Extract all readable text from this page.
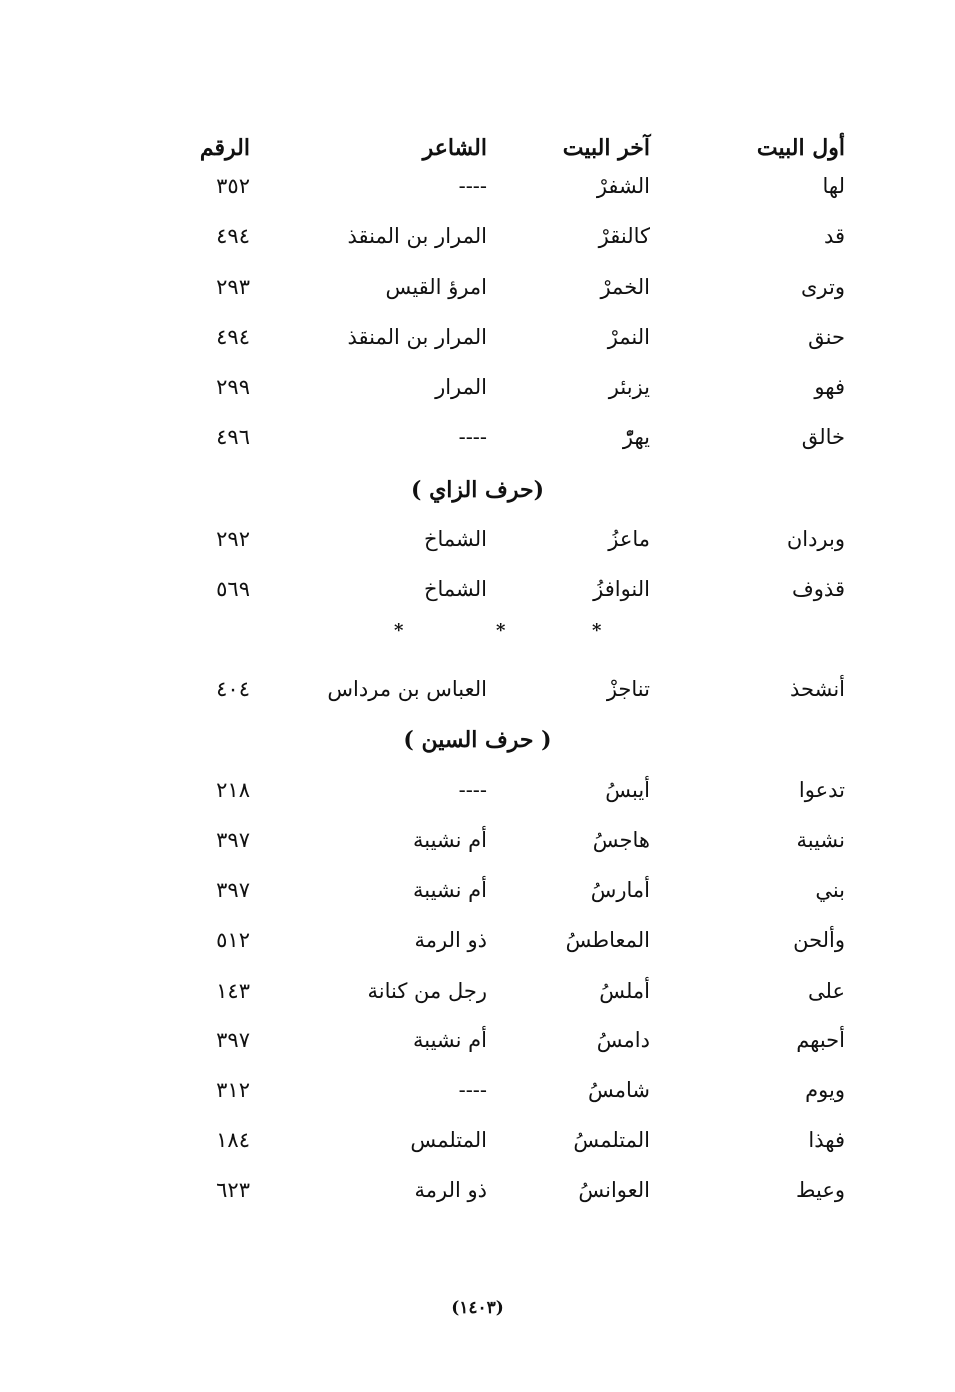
أول البيت
آخر البيت
الشاعر
الرقم
لها
الشفرْ
----
٣٥٢
قد
كالنقرْ
المرار بن المنقذ
٤٩٤
وترى
الخمرْ
امرؤ القيس
٢٩٣
حنق
النمرْ
المرار بن المنقذ
٤٩٤
فهو
يزبئر
المرار
٢٩٩
خالق
يهرّْ
----
٤٩٦
(حرف الزاي )
وبردان
ماعزُ
الشماخ
٢٩٢
قذوف
النوافزُ
الشماخ
٥٦٩
*
*
*
أنشحذ
تناجزْ
العباس بن مرداس
٤٠٤
( حرف السين )
تدعوا
أيبسُ
----
٢١٨
نشيبة
هاجسُ
أم نشيبة
٣٩٧
بني
أمارسُ
أم نشيبة
٣٩٧
وألحن
المعاطسُ
ذو الرمة
٥١٢
على
أملسُ
رجل من كنانة
١٤٣
أحبهم
دامسُ
أم نشيبة
٣٩٧
ويوم
شامسُ
----
٣١٢
فهذا
المتلمسُ
المتلمس
١٨٤
وعيط
العوانسُ
ذو الرمة
٦٢٣
(١٤٠٣)
